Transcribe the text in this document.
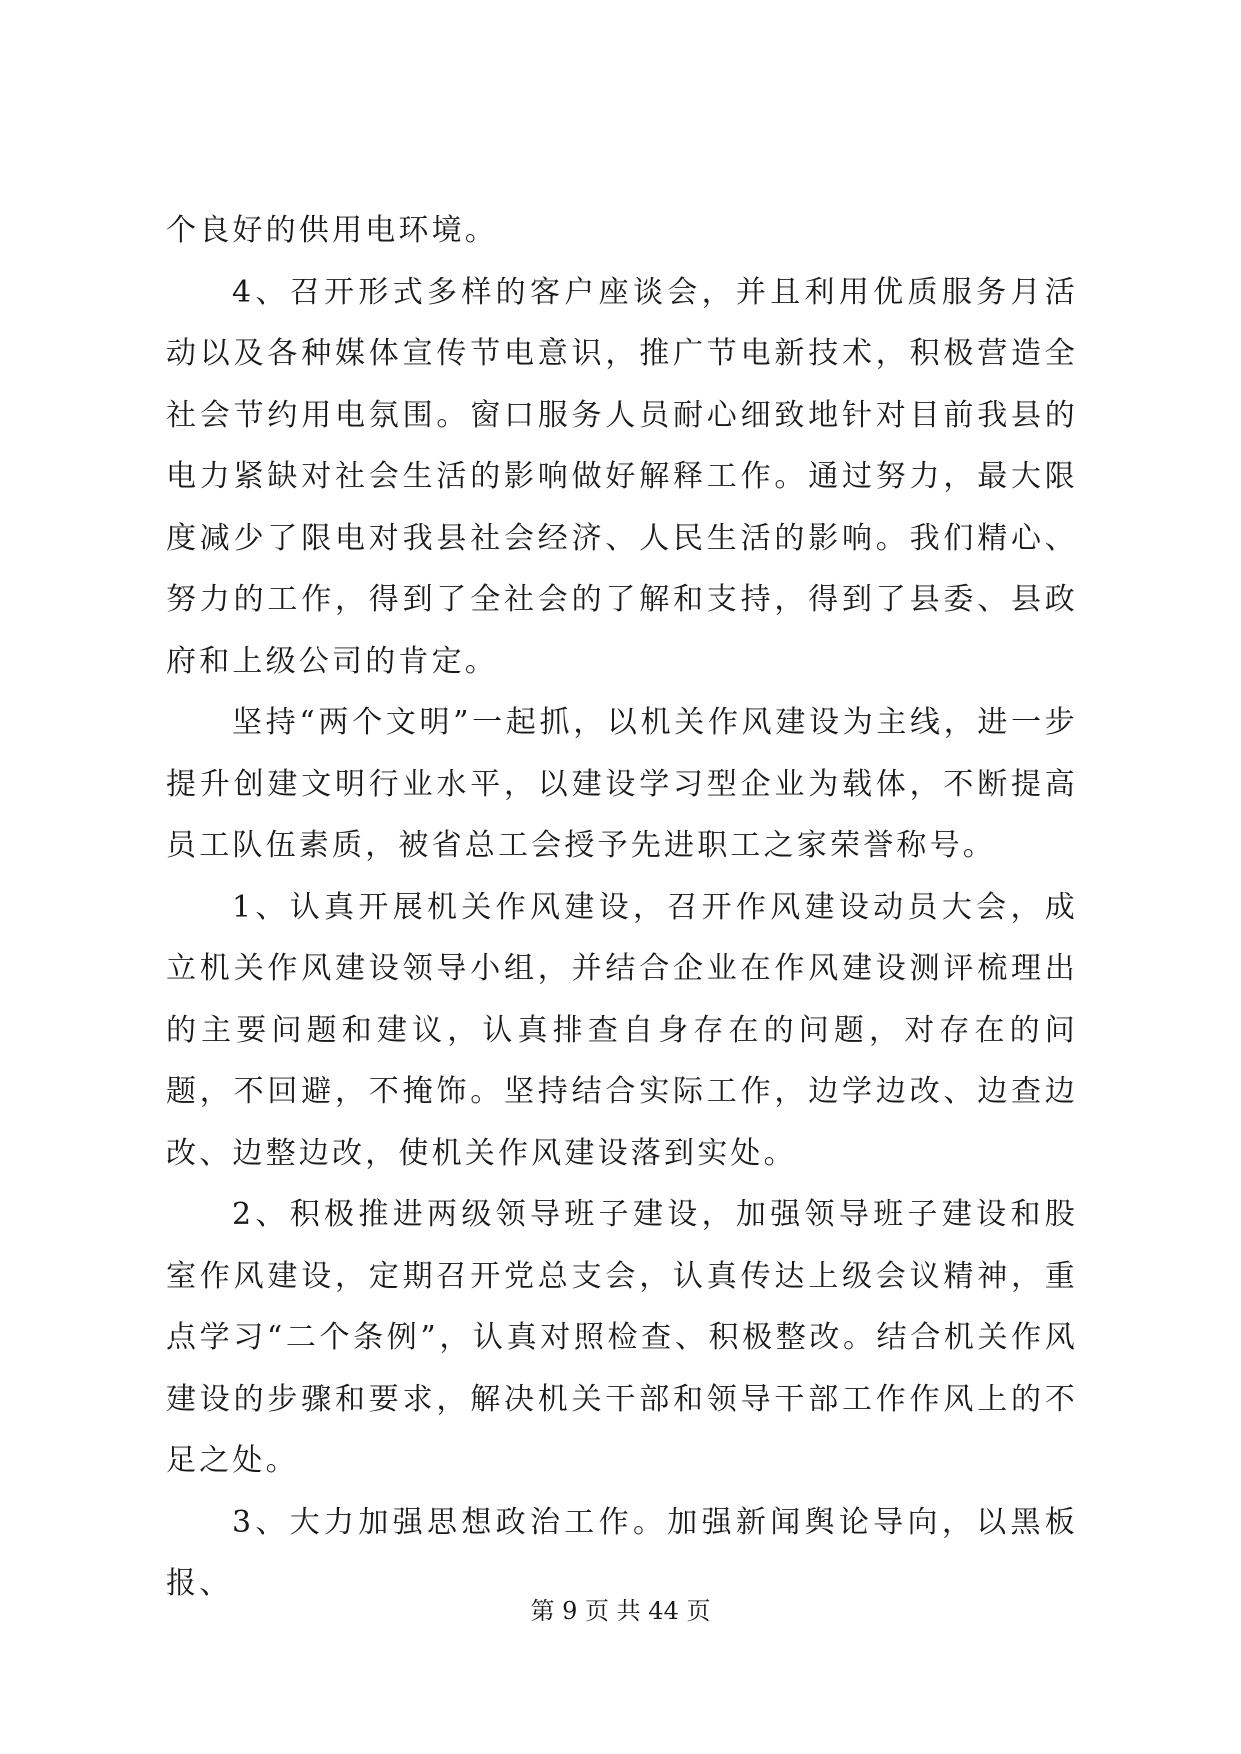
个良好的供用电环境。

4、召开形式多样的客户座谈会，并且利用优质服务月活动以及各种媒体宣传节电意识，推广节电新技术，积极营造全社会节约用电氛围。窗口服务人员耐心细致地针对目前我县的电力紧缺对社会生活的影响做好解释工作。通过努力，最大限度减少了限电对我县社会经济、人民生活的影响。我们精心、努力的工作，得到了全社会的了解和支持，得到了县委、县政府和上级公司的肯定。

坚持“两个文明”一起抓，以机关作风建设为主线，进一步提升创建文明行业水平，以建设学习型企业为载体，不断提高员工队伍素质，被省总工会授予先进职工之家荣誉称号。

1、认真开展机关作风建设，召开作风建设动员大会，成立机关作风建设领导小组，并结合企业在作风建设测评梳理出的主要问题和建议，认真排查自身存在的问题，对存在的问题，不回避，不掩饰。坚持结合实际工作，边学边改、边查边改、边整边改，使机关作风建设落到实处。

2、积极推进两级领导班子建设，加强领导班子建设和股室作风建设，定期召开党总支会，认真传达上级会议精神，重点学习“二个条例”，认真对照检查、积极整改。结合机关作风建设的步骤和要求，解决机关干部和领导干部工作作风上的不足之处。

3、大力加强思想政治工作。加强新闻舆论导向，以黑板报、

第 9 页 共 44 页
